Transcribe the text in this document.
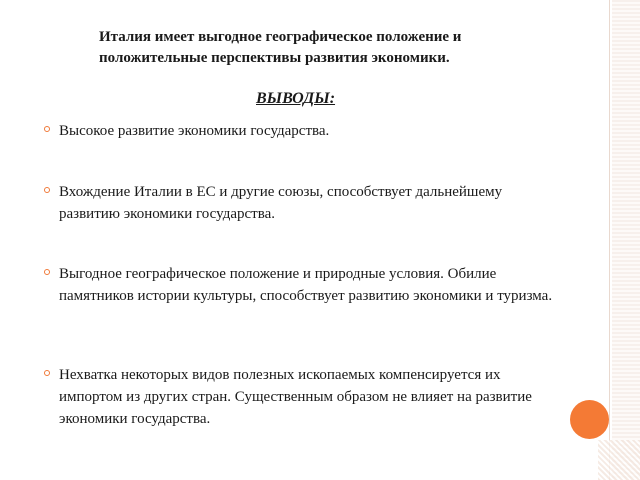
Италия имеет выгодное географическое положение и положительные перспективы развития экономики.
ВЫВОДЫ:
Высокое развитие экономики государства.
Вхождение Италии в ЕС и другие союзы, способствует дальнейшему развитию экономики государства.
Выгодное географическое положение и природные условия. Обилие памятников истории культуры, способствует развитию экономики и туризма.
Нехватка некоторых видов полезных ископаемых компенсируется их импортом из других стран. Существенным образом не влияет на развитие экономики государства.
